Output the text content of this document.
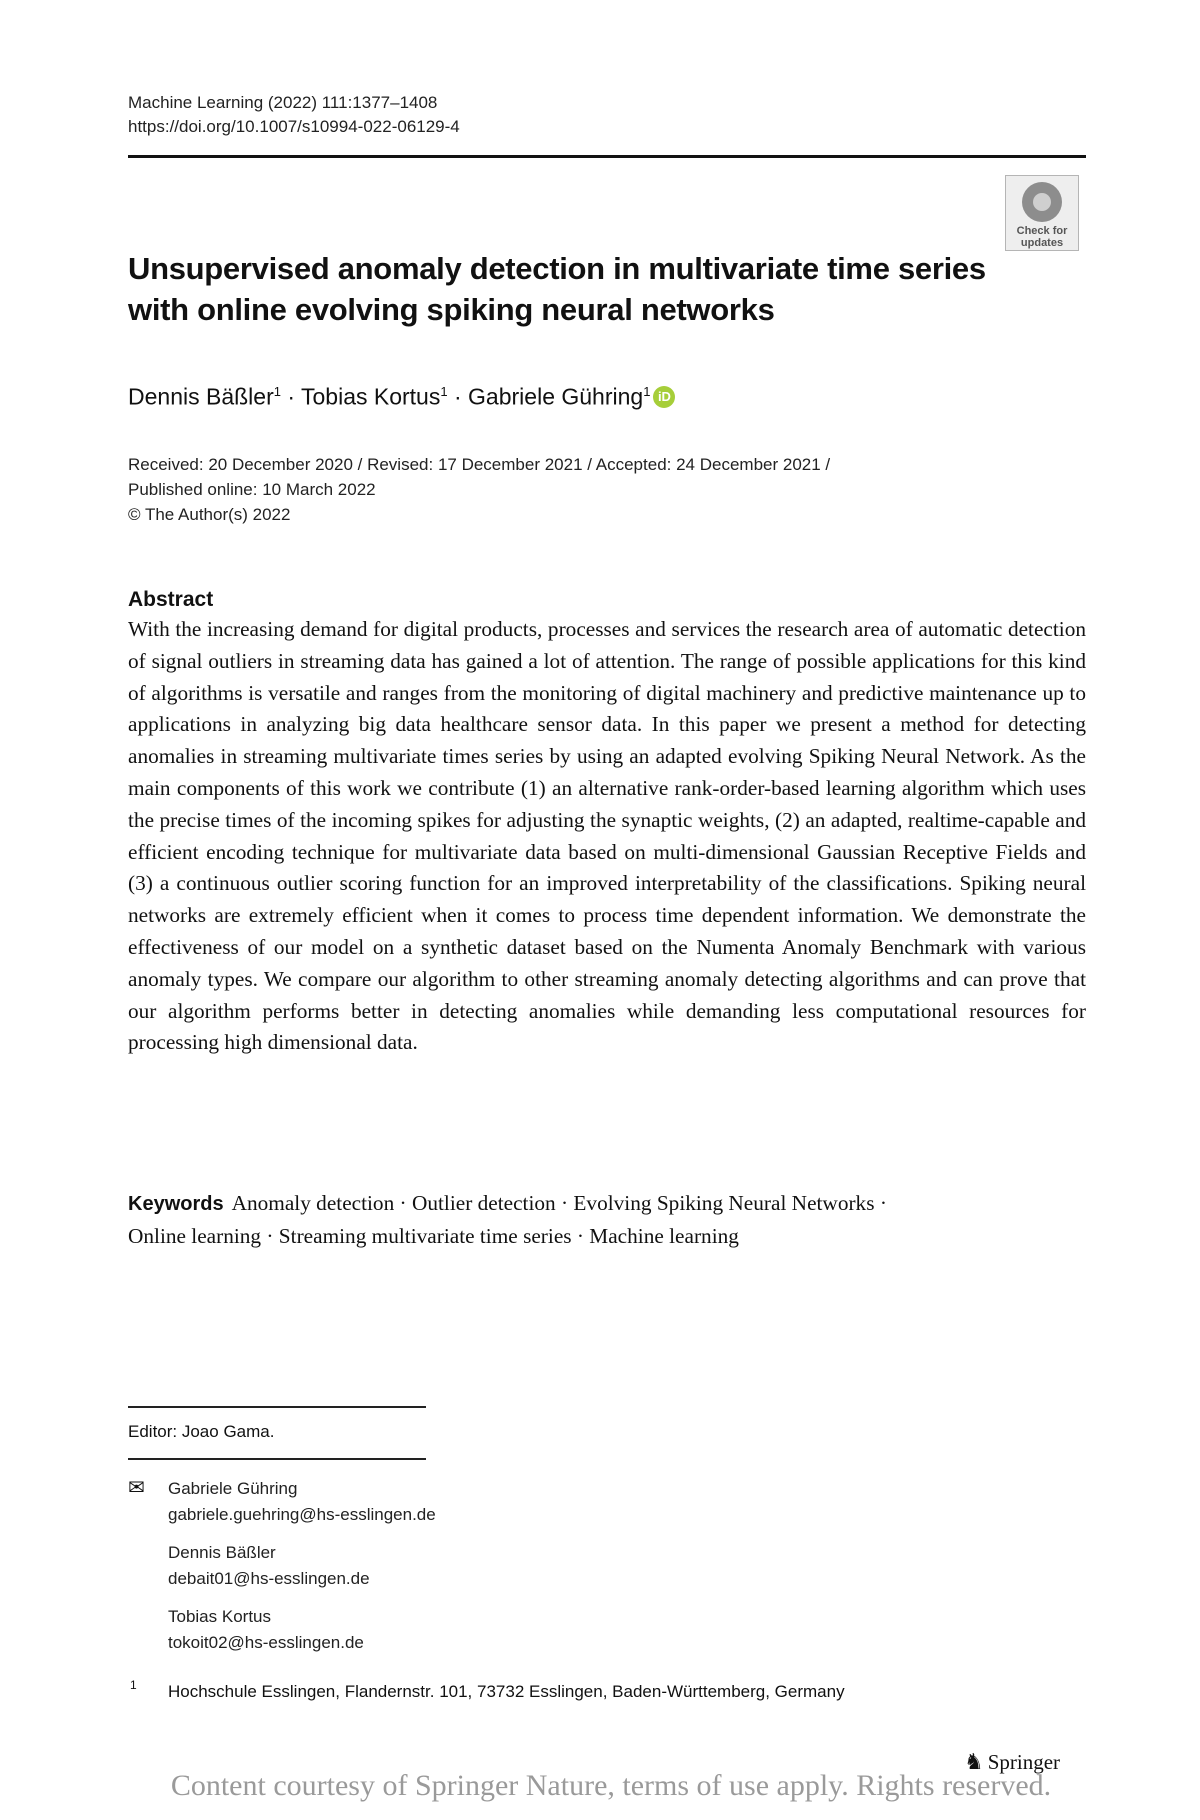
Machine Learning (2022) 111:1377–1408
https://doi.org/10.1007/s10994-022-06129-4
Check for updates
Unsupervised anomaly detection in multivariate time series with online evolving spiking neural networks
Dennis Bäßler$^1$ · Tobias Kortus$^1$ · Gabriele Gühring$^1$ iD
Received: 20 December 2020 / Revised: 17 December 2021 / Accepted: 24 December 2021 /
Published online: 10 March 2022
© The Author(s) 2022
Abstract

With the increasing demand for digital products, processes and services the research area of automatic detection of signal outliers in streaming data has gained a lot of attention. The range of possible applications for this kind of algorithms is versatile and ranges from the monitoring of digital machinery and predictive maintenance up to applications in analyzing big data healthcare sensor data. In this paper we present a method for detecting anomalies in streaming multivariate times series by using an adapted evolving Spiking Neural Network. As the main components of this work we contribute (1) an alternative rank-order-based learning algorithm which uses the precise times of the incoming spikes for adjusting the synaptic weights, (2) an adapted, realtime-capable and efficient encoding technique for multivariate data based on multi-dimensional Gaussian Receptive Fields and (3) a continuous outlier scoring function for an improved interpretability of the classifications. Spiking neural networks are extremely efficient when it comes to process time dependent information. We demonstrate the effectiveness of our model on a synthetic dataset based on the Numenta Anomaly Benchmark with various anomaly types. We compare our algorithm to other streaming anomaly detecting algorithms and can prove that our algorithm performs better in detecting anomalies while demanding less computational resources for processing high dimensional data.

Keywords Anomaly detection · Outlier detection · Evolving Spiking Neural Networks ·
Online learning · Streaming multivariate time series · Machine learning
Editor: Joao Gama.
✉ Gabriele Gühring
gabriele.guehring@hs-esslingen.de
Dennis Bäßler
debait01@hs-esslingen.de
Tobias Kortus
tokoit02@hs-esslingen.de
1 Hochschule Esslingen, Flandernstr. 101, 73732 Esslingen, Baden-Württemberg, Germany
♞ Springer
Content courtesy of Springer Nature, terms of use apply. Rights reserved.
